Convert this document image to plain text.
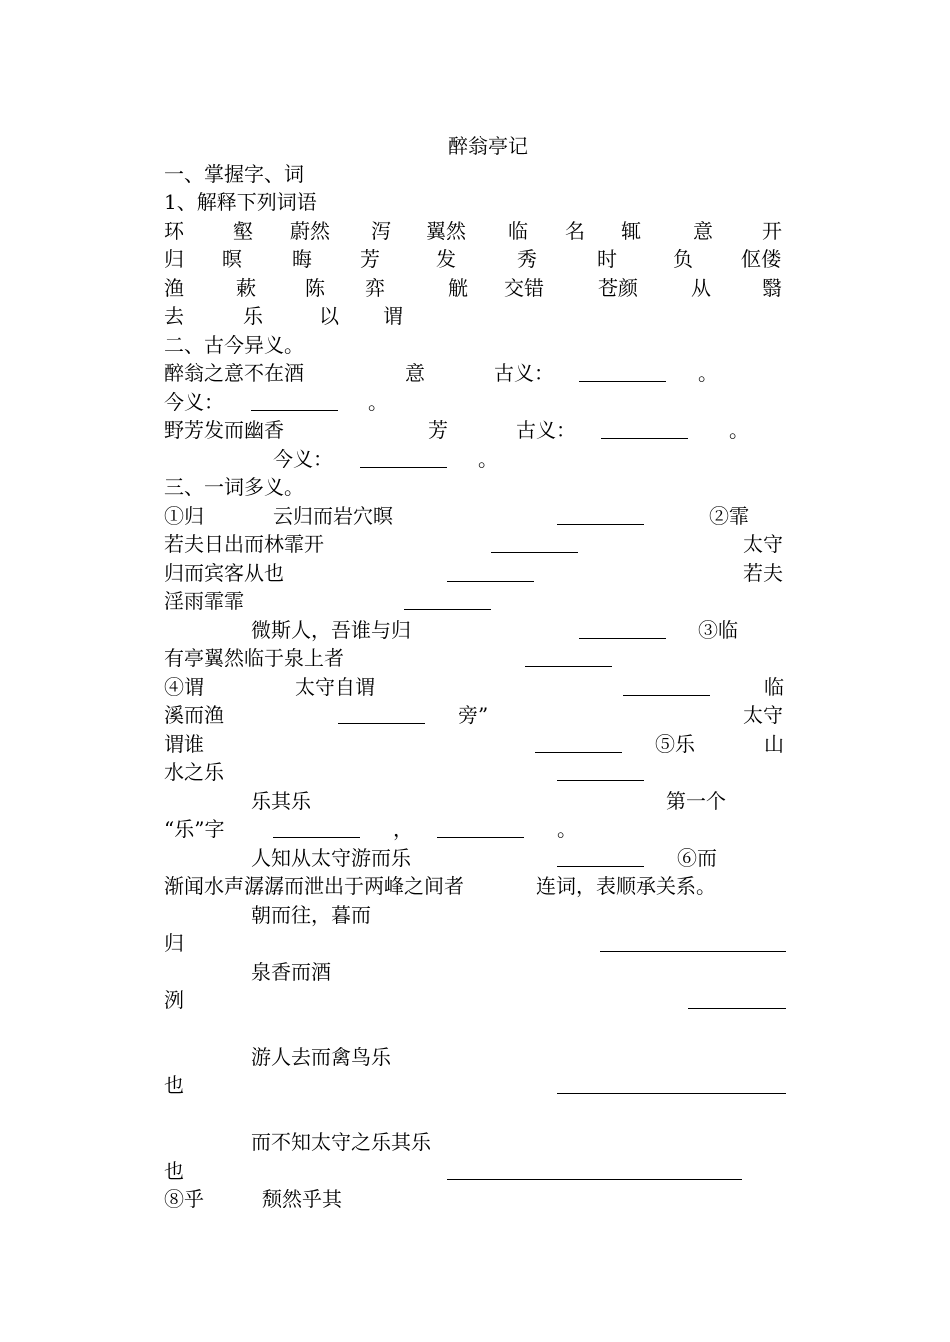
醉翁亭记
一、掌握字、词
1、解释下列词语
环 壑 蔚然 泻 翼然 临 名 辄	意 开
归 暝	晦 芳	发	秀	时	负 伛偻
渔	蔌 陈 弈	觥 交错	苍颜	从	翳
去	乐	以 谓
二、古今异义。
醉翁之意不在酒	意	古义：	。
今义：	。
野芳发而幽香	芳	古义：	。
今义：	。
三、一词多义。
①归	云归而岩穴暝	②霏
若夫日出而林霏开	太守
归而宾客从也	若夫
淫雨霏霏
微斯人，吾谁与归	③临
有亭翼然临于泉上者
④谓	太守自谓	临
溪而渔	旁”	太守
谓谁	⑤乐	山
水之乐
乐其乐	第一个
“乐”字	，	。
人知从太守游而乐	⑥而
渐闻水声潺潺而泄出于两峰之间者	连词，表顺承关系。
朝而往，暮而
归
泉香而酒
洌
游人去而禽鸟乐
也
而不知太守之乐其乐
也
⑧乎	颓然乎其
